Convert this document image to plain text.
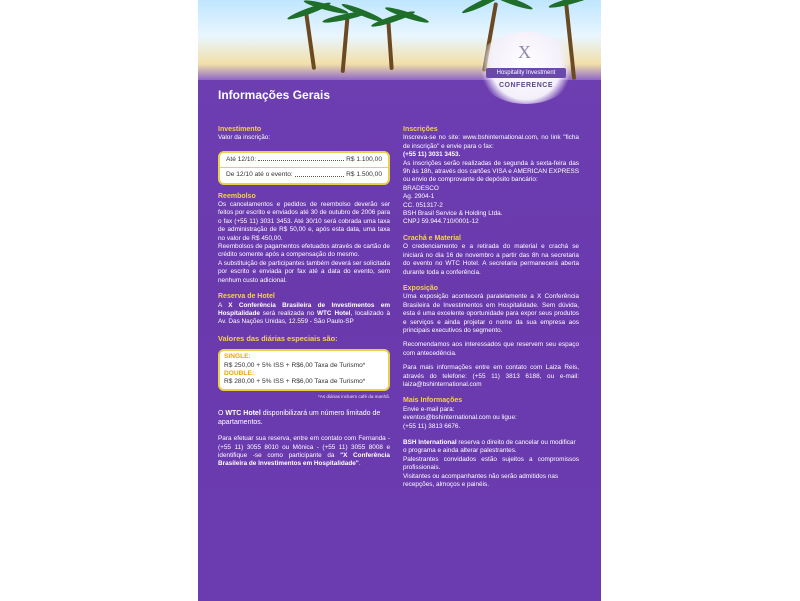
X
Hospitality Investment
CONFERENCE
Informações Gerais

Investimento

Valor da inscrição:

Até 12/10:	R$ 1.100,00
De 12/10 até o evento:	R$ 1.500,00

Reembolso

Os cancelamentos e pedidos de reembolso deverão ser feitos por escrito e enviados até 30 de outubro de 2006 para o fax (+55 11) 3031 3453. Até 30/10 será cobrada uma taxa de administração de R$ 50,00 e, após esta data, uma taxa no valor de R$ 450,00.

Reembolsos de pagamentos efetuados através de cartão de crédito somente após a compensação do mesmo.

A substituição de participantes também deverá ser solicitada por escrito e enviada por fax até a data do evento, sem nenhum custo adicional.

Reserva de Hotel

A X Conferência Brasileira de Investimentos em Hospitalidade será realizada no WTC Hotel, localizado à Av. Das Nações Unidas, 12.559 - São Paulo-SP

Valores das diárias especiais são:

SINGLE:
R$ 250,00 + 5% ISS + R$6,00 Taxa de Turismo*
DOUBLE:
R$ 280,00 + 5% ISS + R$6,00 Taxa de Turismo*
*As diárias incluem café da manhã.

O WTC Hotel disponibilizará um número limitado de apartamentos.

Para efetuar sua reserva, entre em contato com Fernanda - (+55 11) 3055 8010 ou Mônica - (+55 11) 3055 8008 e identifique -se como participante da "X Conferência Brasileira de Investimentos em Hospitalidade".

Inscrições

Inscreva-se no site: www.bshinternational.com, no link "ficha de inscrição" e envie para o fax:

(+55 11) 3031 3453.

As inscrições serão realizadas de segunda à sexta-feira das 9h às 18h, através dos cartões VISA e AMERICAN EXPRESS ou envio de comprovante de depósito bancário:

BRADESCO

Ag. 2904-1

CC. 051317-2

BSH Brasil Service & Holding Ltda.

CNPJ 59.944.710/0001-12

Crachá e Material

O credenciamento e a retirada do material e crachá se iniciará no dia 16 de novembro a partir das 8h na secretaria do evento no WTC Hotel. A secretaria permanecerá aberta durante toda a conferência.

Exposição

Uma exposição acontecerá paralelamente a X Conferência Brasileira de Investimentos em Hospitalidade. Sem dúvida, esta é uma excelente oportunidade para expor seus produtos e serviços e ainda projetar o nome da sua empresa aos principais executivos do segmento.

Recomendamos aos interessados que reservem seu espaço com antecedência.

Para mais informações entre em contato com Laiza Reis, através do telefone: (+55 11) 3813 6188, ou e-mail: laiza@bshinternational.com

Mais Informações

Envie e-mail para:

eventos@bshinternational.com ou ligue:

(+55 11) 3813 6676.

BSH International reserva o direito de cancelar ou modificar o programa e ainda alterar palestrantes.

Palestrantes convidados estão sujeitos a compromissos profissionais.

Visitantes ou acompanhantes não serão admitidos nas recepções, almoços e painéis.
